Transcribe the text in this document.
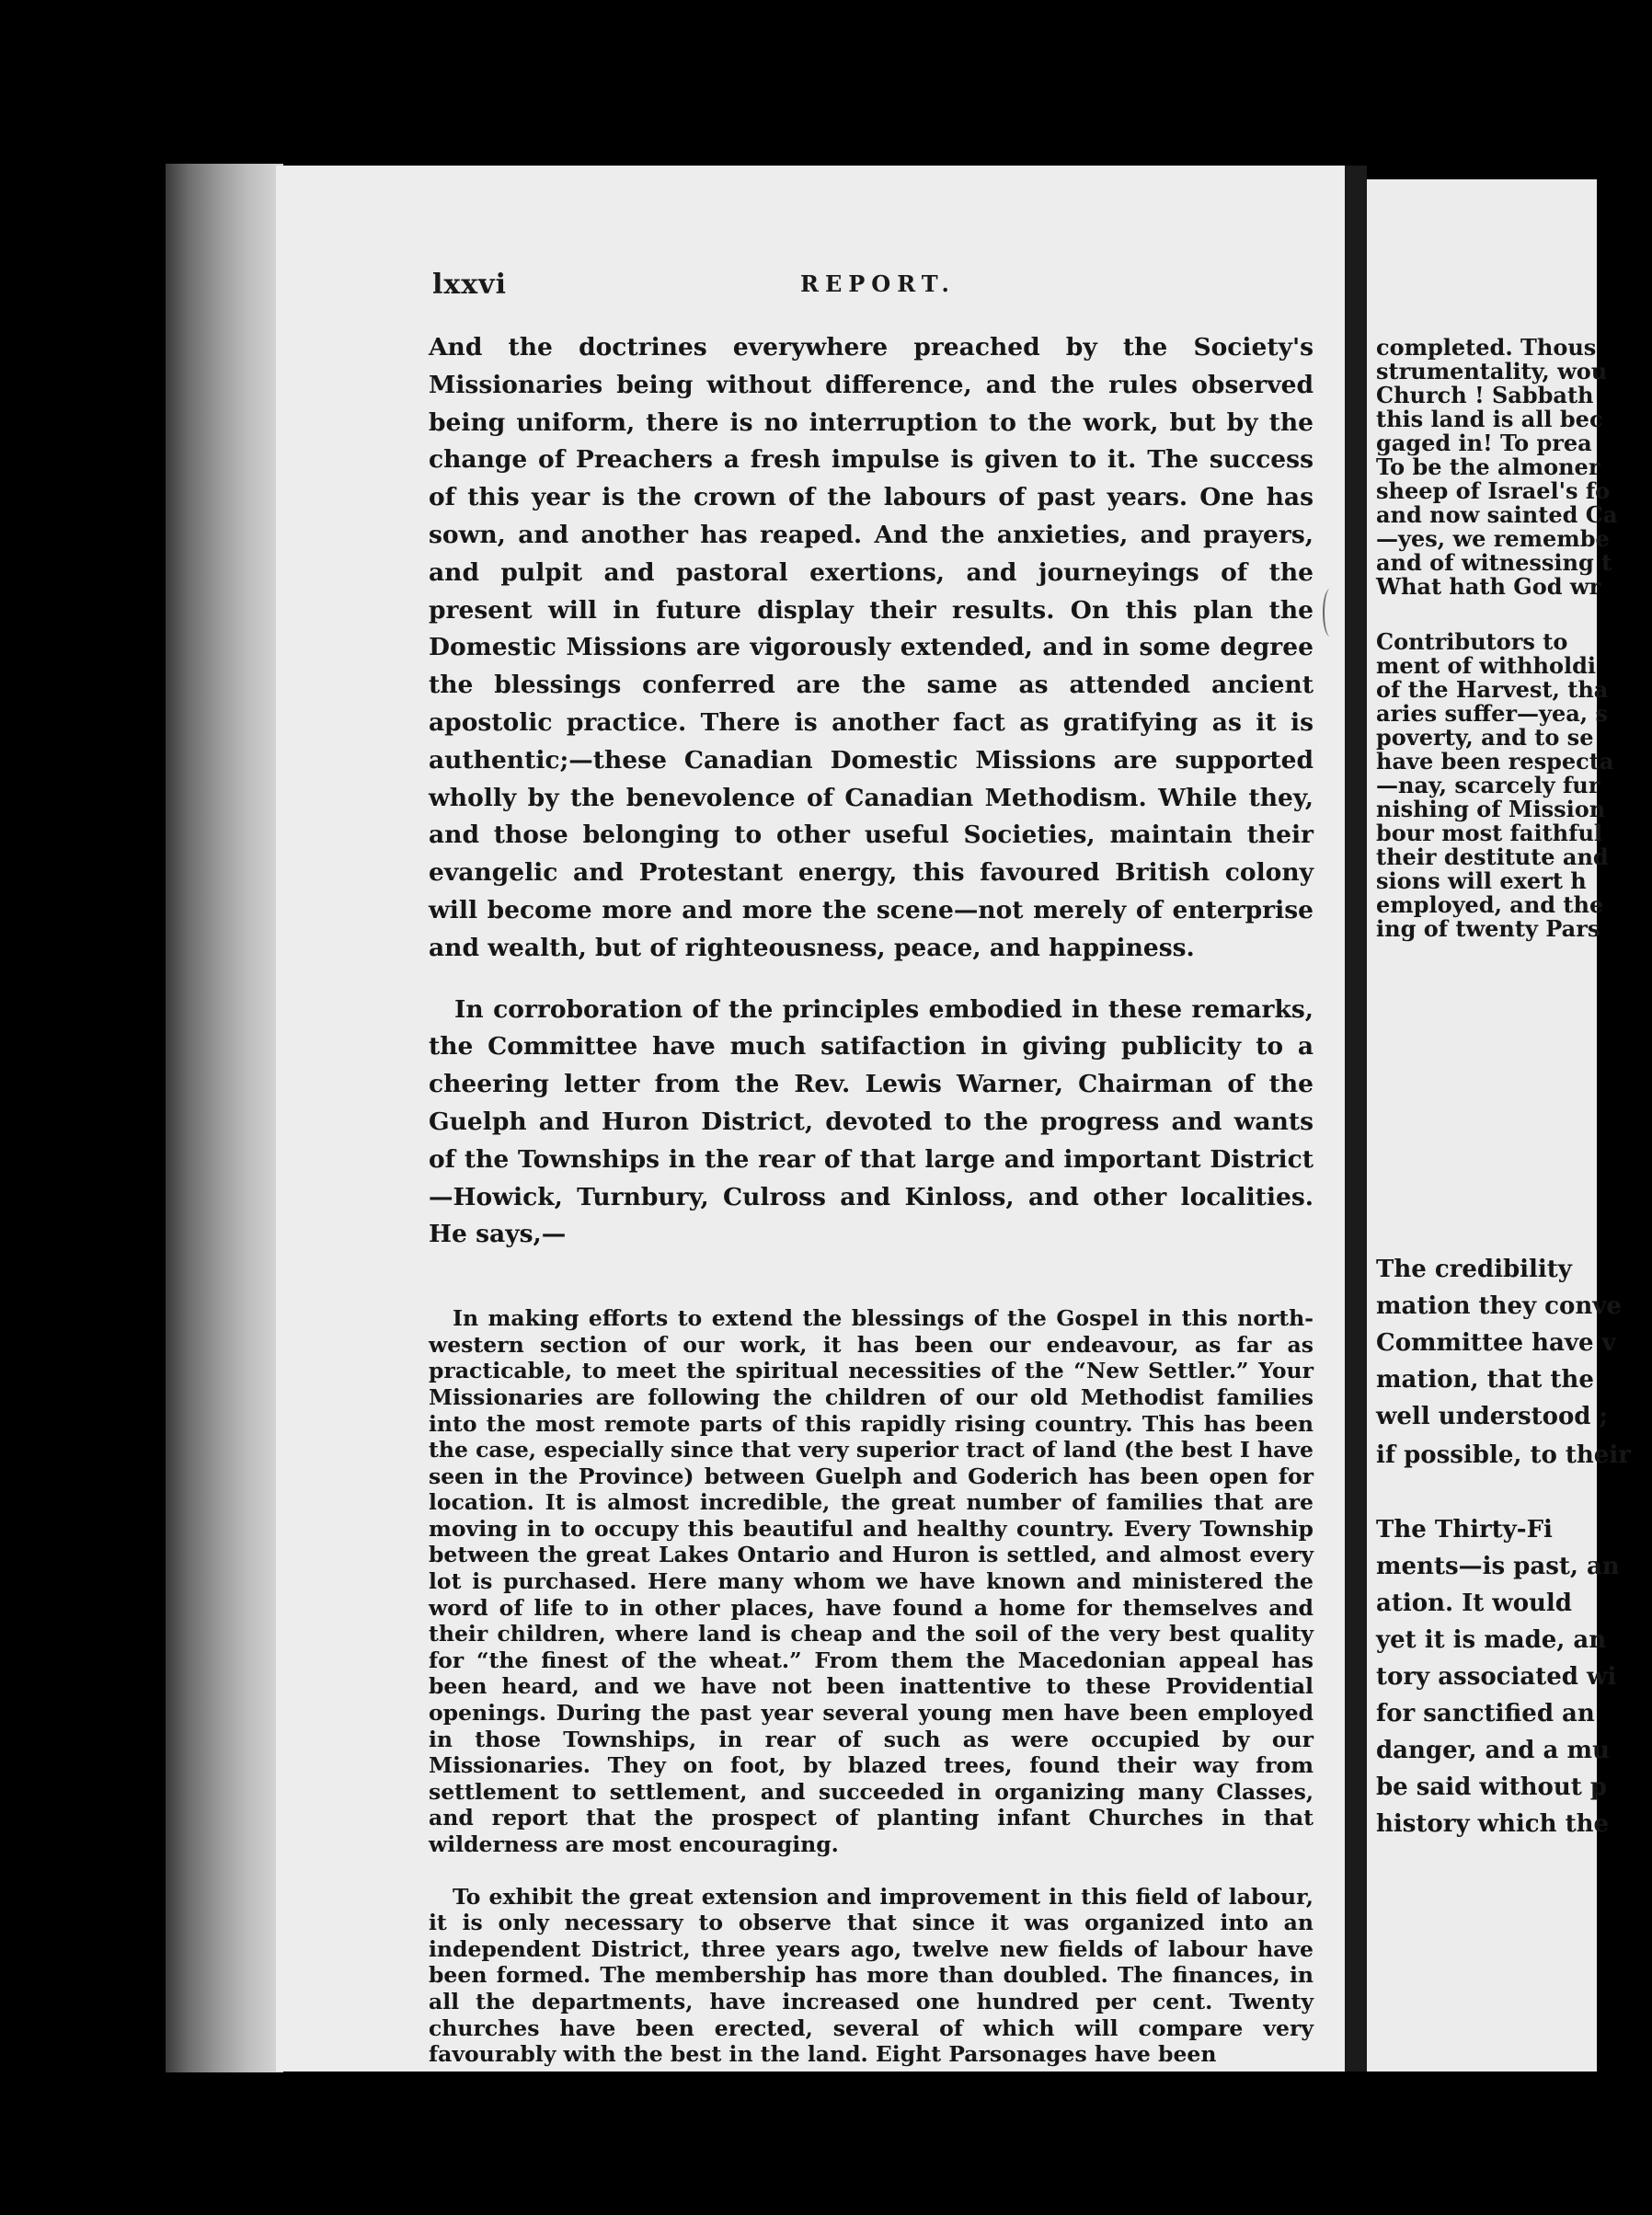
lxxvi	REPORT.

And the doctrines everywhere preached by the Society's Missionaries being without difference, and the rules observed being uniform, there is no interruption to the work, but by the change of Preachers a fresh impulse is given to it. The success of this year is the crown of the labours of past years. One has sown, and another has reaped. And the anxieties, and prayers, and pulpit and pastoral exertions, and journeyings of the present will in future display their results. On this plan the Domestic Missions are vigorously extended, and in some degree the blessings conferred are the same as attended ancient apostolic practice. There is another fact as gratifying as it is authentic;—these Canadian Domestic Missions are supported wholly by the benevolence of Canadian Methodism. While they, and those belonging to other useful Societies, maintain their evangelic and Protestant energy, this favoured British colony will become more and more the scene—not merely of enterprise and wealth, but of righteousness, peace, and happiness.

In corroboration of the principles embodied in these remarks, the Committee have much satifaction in giving publicity to a cheering letter from the Rev. Lewis Warner, Chairman of the Guelph and Huron District, devoted to the progress and wants of the Townships in the rear of that large and important District—Howick, Turnbury, Culross and Kinloss, and other localities. He says,—

In making efforts to extend the blessings of the Gospel in this north-western section of our work, it has been our endeavour, as far as practicable, to meet the spiritual necessities of the “New Settler.” Your Missionaries are following the children of our old Methodist families into the most remote parts of this rapidly rising country. This has been the case, especially since that very superior tract of land (the best I have seen in the Province) between Guelph and Goderich has been open for location. It is almost incredible, the great number of families that are moving in to occupy this beautiful and healthy country. Every Township between the great Lakes Ontario and Huron is settled, and almost every lot is purchased. Here many whom we have known and ministered the word of life to in other places, have found a home for themselves and their children, where land is cheap and the soil of the very best quality for “the finest of the wheat.” From them the Macedonian appeal has been heard, and we have not been inattentive to these Providential openings. During the past year several young men have been employed in those Townships, in rear of such as were occupied by our Missionaries. They on foot, by blazed trees, found their way from settlement to settlement, and succeeded in organizing many Classes, and report that the prospect of planting infant Churches in that wilderness are most encouraging.

To exhibit the great extension and improvement in this field of labour, it is only necessary to observe that since it was organized into an independent District, three years ago, twelve new fields of labour have been formed. The membership has more than doubled. The finances, in all the departments, have increased one hundred per cent. Twenty churches have been erected, several of which will compare very favourably with the best in the land. Eight Parsonages have been

completed. Thous
strumentality, wou
Church ! Sabbath
this land is all bec
gaged in! To prea
To be the almoner
sheep of Israel's fo
and now sainted Ca
—yes, we remembe
and of witnessing t
What hath God wr
Contributors to
ment of withholdi
of the Harvest, tha
aries suffer—yea, s
poverty, and to se
have been respecta
—nay, scarcely fur
nishing of Mission
bour most faithful
their destitute and
sions will exert h
employed, and the
ing of twenty Pars
The credibility
mation they conve
Committee have v
mation, that the
well understood ;
if possible, to their
The Thirty-Fi
ments—is past, an
ation. It would
yet it is made, an
tory associated wi
for sanctified an
danger, and a mu
be said without p
history which the
